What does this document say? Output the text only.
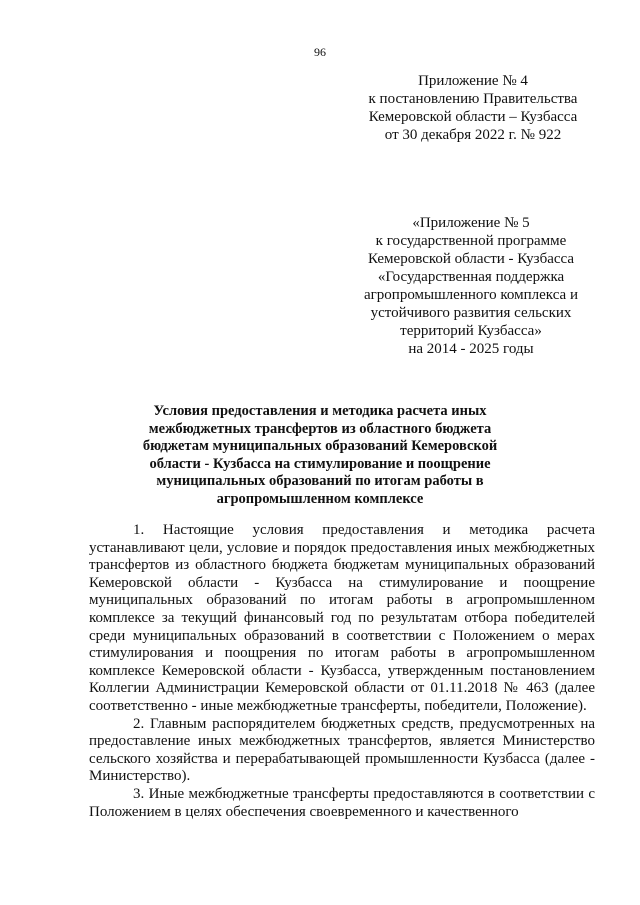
96
Приложение № 4
к постановлению Правительства
Кемеровской области – Кузбасса
от 30 декабря 2022 г. № 922
«Приложение № 5
к государственной программе
Кемеровской области - Кузбасса
«Государственная поддержка
агропромышленного комплекса и
устойчивого развития сельских
территорий Кузбасса»
на 2014 - 2025 годы
Условия предоставления и методика расчета иных
межбюджетных трансфертов из областного бюджета
бюджетам муниципальных образований Кемеровской
области - Кузбасса на стимулирование и поощрение
муниципальных образований по итогам работы в
агропромышленном комплексе

1. Настоящие условия предоставления и методика расчета устанавливают цели, условие и порядок предоставления иных межбюджетных трансфертов из областного бюджета бюджетам муниципальных образований Кемеровской области - Кузбасса на стимулирование и поощрение муниципальных образований по итогам работы в агропромышленном комплексе за текущий финансовый год по результатам отбора победителей среди муниципальных образований в соответствии с Положением о мерах стимулирования и поощрения по итогам работы в агропромышленном комплексе Кемеровской области - Кузбасса, утвержденным постановлением Коллегии Администрации Кемеровской области от 01.11.2018 № 463 (далее соответственно - иные межбюджетные трансферты, победители, Положение).

2. Главным распорядителем бюджетных средств, предусмотренных на предоставление иных межбюджетных трансфертов, является Министерство сельского хозяйства и перерабатывающей промышленности Кузбасса (далее - Министерство).

3. Иные межбюджетные трансферты предоставляются в соответствии с Положением в целях обеспечения своевременного и качественного
